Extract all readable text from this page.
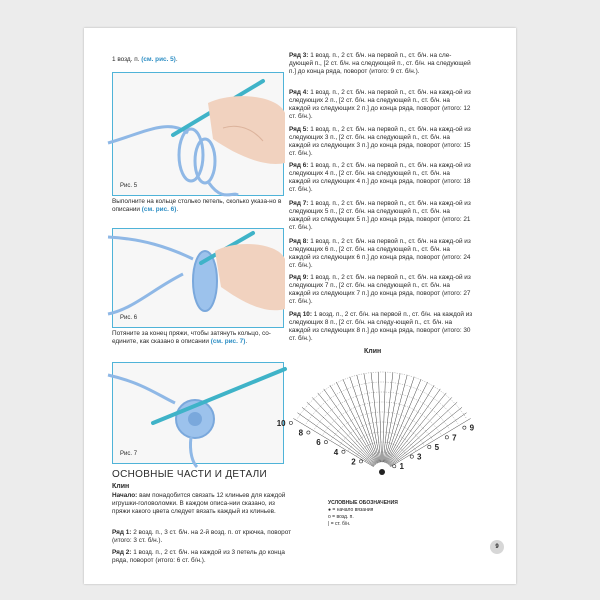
1 возд. п. (см. рис. 5).
Рис. 5
Выполните на кольце столько петель, сколько указа-но в описании (см. рис. 6).
Рис. 6
Потяните за конец пряжи, чтобы затянуть кольцо, со-едините, как сказано в описании (см. рис. 7).
Рис. 7
ОСНОВНЫЕ ЧАСТИ И ДЕТАЛИ
Клин
Начало: вам понадобится связать 12 клиньев для каждой игрушки-головоломки. В каждом описа-нии сказано, из пряжи какого цвета следует вязать каждый из клиньев.
Ряд 1: 2 возд. п., 3 ст. б/н. на 2-й возд. п. от крючка, поворот (итого: 3 ст. б/н.).
Ряд 2: 1 возд. п., 2 ст. б/н. на каждой из 3 петель до конца ряда, поворот (итого: 6 ст. б/н.).
Ряд 3: 1 возд. п., 2 ст. б/н. на первой п., ст. б/н. на сле-дующей п., [2 ст. б/н. на следующей п., ст. б/н. на следующей п.] до конца ряда, поворот (итого: 9 ст. б/н.).
Ряд 4: 1 возд. п., 2 ст. б/н. на первой п., ст. б/н. на кажд-ой из следующих 2 п., [2 ст. б/н. на следующей п., ст. б/н. на каждой из следующих 2 п.] до конца ряда, поворот (итого: 12 ст. б/н.).
Ряд 5: 1 возд. п., 2 ст. б/н. на первой п., ст. б/н. на кажд-ой из следующих 3 п., [2 ст. б/н. на следующей п., ст. б/н. на каждой из следующих 3 п.] до конца ряда, поворот (итого: 15 ст. б/н.).
Ряд 6: 1 возд. п., 2 ст. б/н. на первой п., ст. б/н. на кажд-ой из следующих 4 п., [2 ст. б/н. на следующей п., ст. б/н. на каждой из следующих 4 п.] до конца ряда, поворот (итого: 18 ст. б/н.).
Ряд 7: 1 возд. п., 2 ст. б/н. на первой п., ст. б/н. на кажд-ой из следующих 5 п., [2 ст. б/н. на следующей п., ст. б/н. на каждой из следующих 5 п.] до конца ряда, поворот (итого: 21 ст. б/н.).
Ряд 8: 1 возд. п., 2 ст. б/н. на первой п., ст. б/н. на кажд-ой из следующих 6 п., [2 ст. б/н. на следующей п., ст. б/н. на каждой из следующих 6 п.] до конца ряда, поворот (итого: 24 ст. б/н.).
Ряд 9: 1 возд. п., 2 ст. б/н. на первой п., ст. б/н. на кажд-ой из следующих 7 п., [2 ст. б/н. на следующей п., ст. б/н. на каждой из следующих 7 п.] до конца ряда, поворот (итого: 27 ст. б/н.).
Ряд 10: 1 возд. п., 2 ст. б/н. на первой п., ст. б/н. на каждой из следующих 8 п., [2 ст. б/н. на следу-ющей п., ст. б/н. на каждой из следующих 8 п.] до конца ряда, поворот (итого: 30 ст. б/н.).
Клин
1
2
3
4
5
6
7
8
9
10
УСЛОВНЫЕ ОБОЗНАЧЕНИЯ
● = начало вязания
o = возд. п.
| = ст. б/н.
9
